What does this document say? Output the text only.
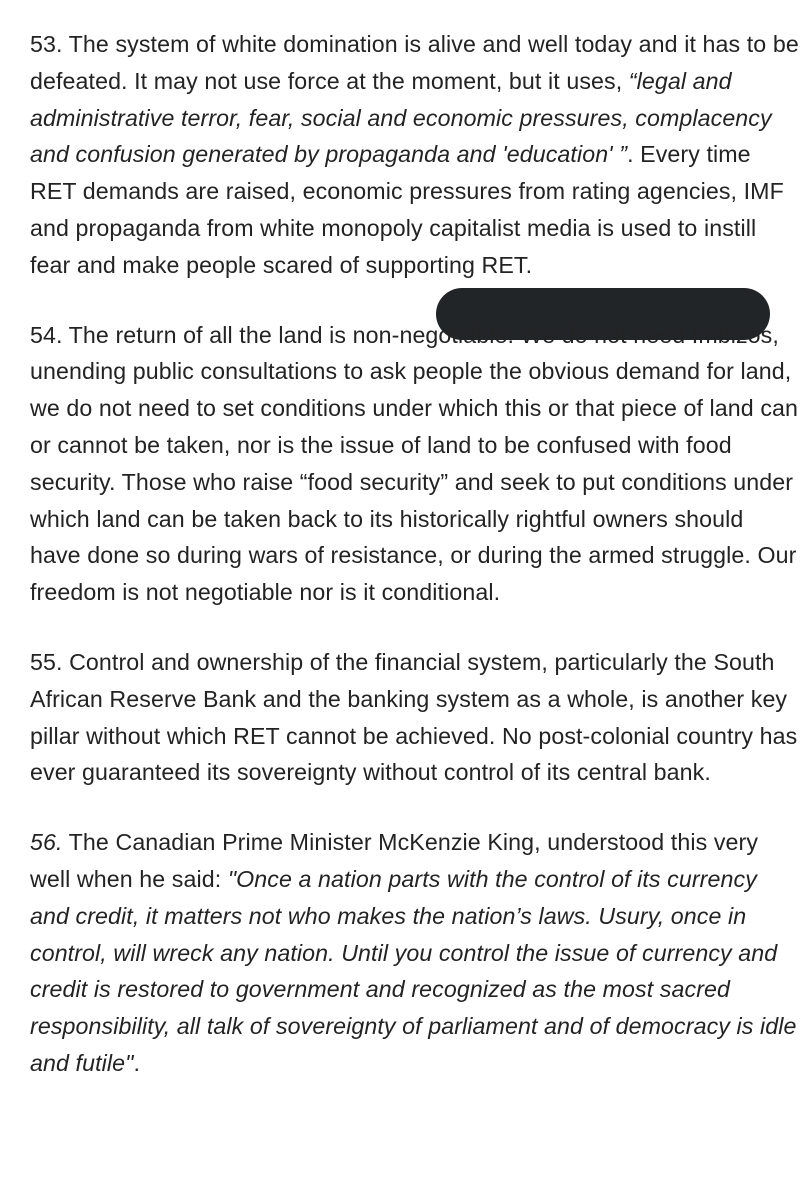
53. The system of white domination is alive and well today and it has to be defeated. It may not use force at the moment, but it uses, “legal and administrative terror, fear, social and economic pressures, complacency and confusion generated by propaganda and 'education' ”. Every time RET demands are raised, economic pressures from rating agencies, IMF and propaganda from white monopoly capitalist media is used to instill fear and make people scared of supporting RET.

54. The return of all the land is non-negotiable. We do not need Imbizos, unending public consultations to ask people the obvious demand for land, we do not need to set conditions under which this or that piece of land can or cannot be taken, nor is the issue of land to be confused with food security. Those who raise “food security” and seek to put conditions under which land can be taken back to its historically rightful owners should have done so during wars of resistance, or during the armed struggle. Our freedom is not negotiable nor is it conditional.

55. Control and ownership of the financial system, particularly the South African Reserve Bank and the banking system as a whole, is another key pillar without which RET cannot be achieved. No post-colonial country has ever guaranteed its sovereignty without control of its central bank.

56. The Canadian Prime Minister McKenzie King, understood this very well when he said: "Once a nation parts with the control of its currency and credit, it matters not who makes the nation’s laws. Usury, once in control, will wreck any nation. Until you control the issue of currency and credit is restored to government and recognized as the most sacred responsibility, all talk of sovereignty of parliament and of democracy is idle and futile".
